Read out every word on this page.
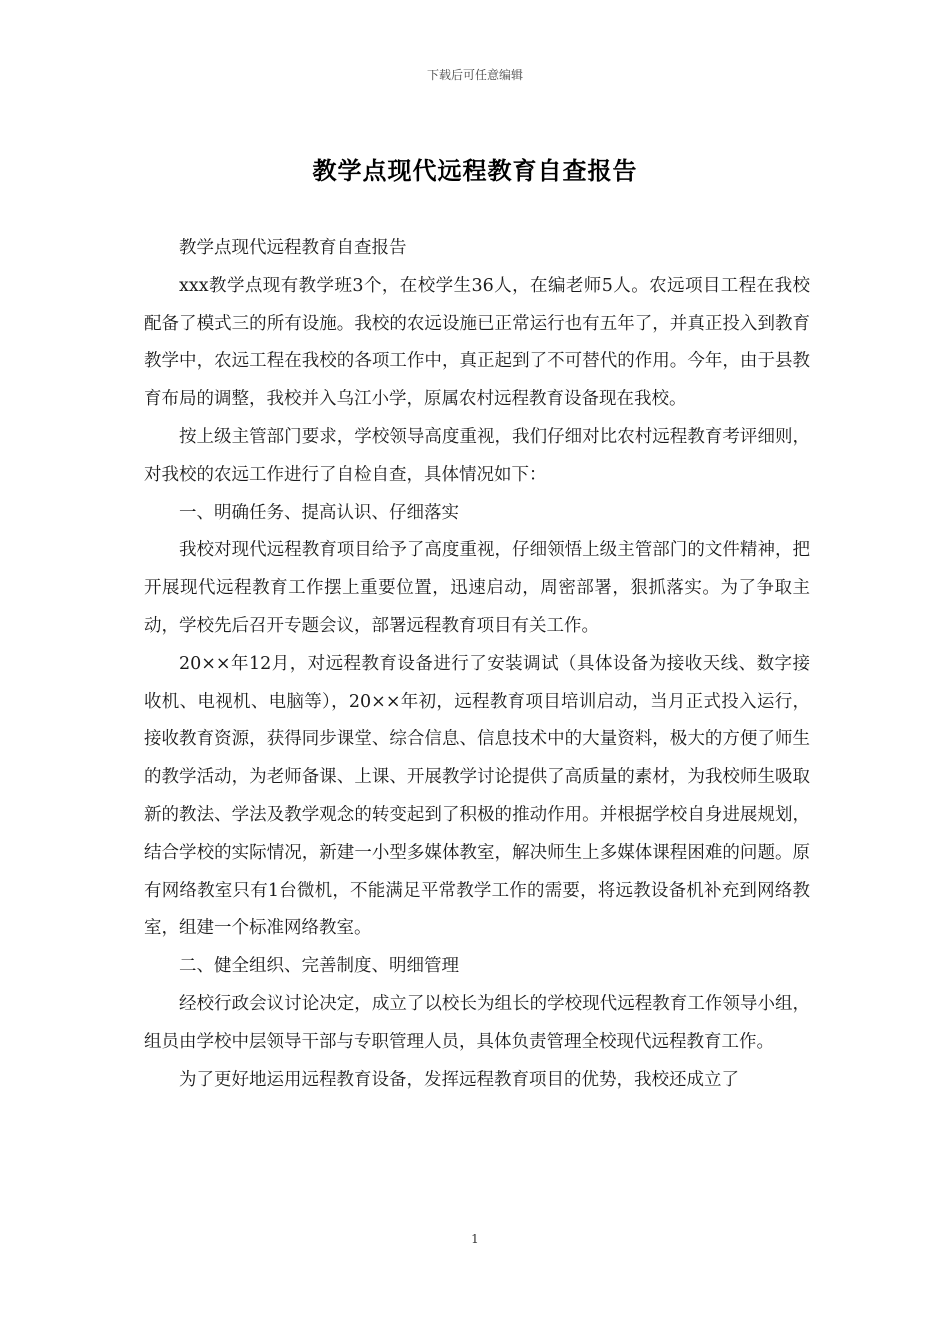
下载后可任意编辑
教学点现代远程教育自查报告

教学点现代远程教育自查报告

xxx教学点现有教学班3个，在校学生36人，在编老师5人。农远项目工程在我校配备了模式三的所有设施。我校的农远设施已正常运行也有五年了，并真正投入到教育教学中，农远工程在我校的各项工作中，真正起到了不可替代的作用。今年，由于县教育布局的调整，我校并入乌江小学，原属农村远程教育设备现在我校。

按上级主管部门要求，学校领导高度重视，我们仔细对比农村远程教育考评细则，对我校的农远工作进行了自检自查，具体情况如下：

一、明确任务、提高认识、仔细落实

我校对现代远程教育项目给予了高度重视，仔细领悟上级主管部门的文件精神，把开展现代远程教育工作摆上重要位置，迅速启动，周密部署，狠抓落实。为了争取主动，学校先后召开专题会议，部署远程教育项目有关工作。

20××年12月，对远程教育设备进行了安装调试（具体设备为接收天线、数字接收机、电视机、电脑等），20××年初，远程教育项目培训启动，当月正式投入运行，接收教育资源，获得同步课堂、综合信息、信息技术中的大量资料，极大的方便了师生的教学活动，为老师备课、上课、开展教学讨论提供了高质量的素材，为我校师生吸取新的教法、学法及教学观念的转变起到了积极的推动作用。并根据学校自身进展规划，结合学校的实际情况，新建一小型多媒体教室，解决师生上多媒体课程困难的问题。原有网络教室只有1台微机，不能满足平常教学工作的需要，将远教设备机补充到网络教室，组建一个标准网络教室。

二、健全组织、完善制度、明细管理

经校行政会议讨论决定，成立了以校长为组长的学校现代远程教育工作领导小组，组员由学校中层领导干部与专职管理人员，具体负责管理全校现代远程教育工作。

为了更好地运用远程教育设备，发挥远程教育项目的优势，我校还成立了

1
